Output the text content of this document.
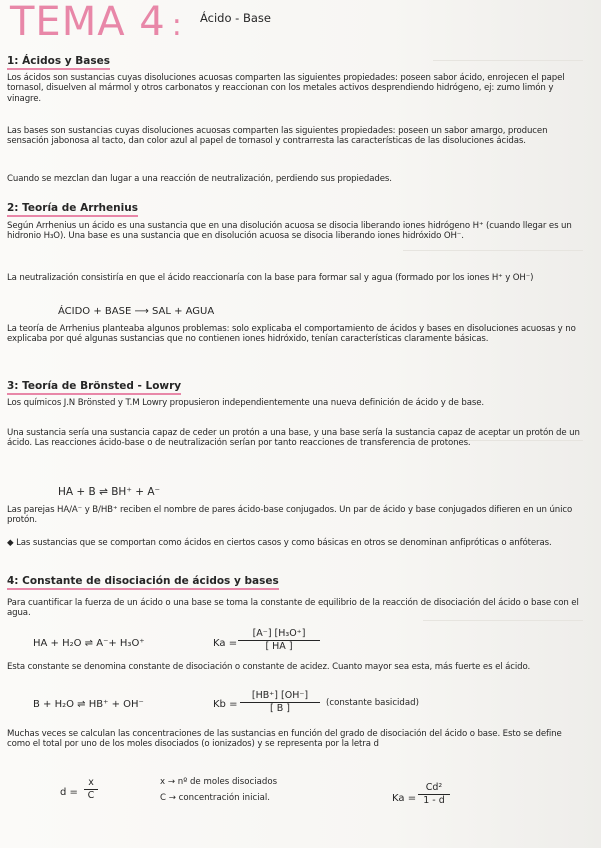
TEMA 4 : Ácido - Base
1: Ácidos y Bases
Los ácidos son sustancias cuyas disoluciones acuosas comparten las siguientes propiedades: poseen sabor ácido, enrojecen el papel tornasol, disuelven al mármol y otros carbonatos y reaccionan con los metales activos desprendiendo hidrógeno, ej: zumo limón y vinagre.
Las bases son sustancias cuyas disoluciones acuosas comparten las siguientes propiedades: poseen un sabor amargo, producen sensación jabonosa al tacto, dan color azul al papel de tornasol y contrarresta las características de las disoluciones ácidas.
Cuando se mezclan dan lugar a una reacción de neutralización, perdiendo sus propiedades.
2: Teoría de Arrhenius
Según Arrhenius un ácido es una sustancia que en una disolución acuosa se disocia liberando iones hidrógeno H⁺ (cuando llegar es un hidronio H₃O). Una base es una sustancia que en disolución acuosa se disocia liberando iones hidróxido OH⁻.
La neutralización consistiría en que el ácido reaccionaría con la base para formar sal y agua (formado por los iones H⁺ y OH⁻)
ÁCIDO + BASE ⟶ SAL + AGUA
La teoría de Arrhenius planteaba algunos problemas: solo explicaba el comportamiento de ácidos y bases en disoluciones acuosas y no explicaba por qué algunas sustancias que no contienen iones hidróxido, tenían características claramente básicas.
3: Teoría de Brönsted - Lowry
Los químicos J.N Brönsted y T.M Lowry propusieron independientemente una nueva definición de ácido y de base.
Una sustancia sería una sustancia capaz de ceder un protón a una base, y una base sería la sustancia capaz de aceptar un protón de un ácido. Las reacciones ácido-base o de neutralización serían por tanto reacciones de transferencia de protones.
HA + B ⇌ BH⁺ + A⁻
Las parejas HA/A⁻ y B/HB⁺ reciben el nombre de pares ácido-base conjugados. Un par de ácido y base conjugados difieren en un único protón.
◆ Las sustancias que se comportan como ácidos en ciertos casos y como básicas en otros se denominan anfipróticas o anfóteras.
4: Constante de disociación de ácidos y bases
Para cuantificar la fuerza de un ácido o una base se toma la constante de equilibrio de la reacción de disociación del ácido o base con el agua.
HA + H₂O ⇌ A⁻+ H₃O⁺	$Ka = \frac{\text{[A⁻] [H₃O⁺]}}{[ HA ]}$
Esta constante se denomina constante de disociación o constante de acidez. Cuanto mayor sea esta, más fuerte es el ácido.
B + H₂O ⇌ HB⁺ + OH⁻	$Kb = \frac{[HB^+] [OH^-]}{[ B ]}$ (constante basicidad)
Muchas veces se calculan las concentraciones de las sustancias en función del grado de disociación del ácido o base. Esto se define como el total por uno de los moles disociados (o ionizados) y se representa por la letra d
$d = \frac{x}{C}$	x → nº de moles disociados
C → concentración inicial.	$Ka = \frac{\text{Cd²}}{1 - d}$
